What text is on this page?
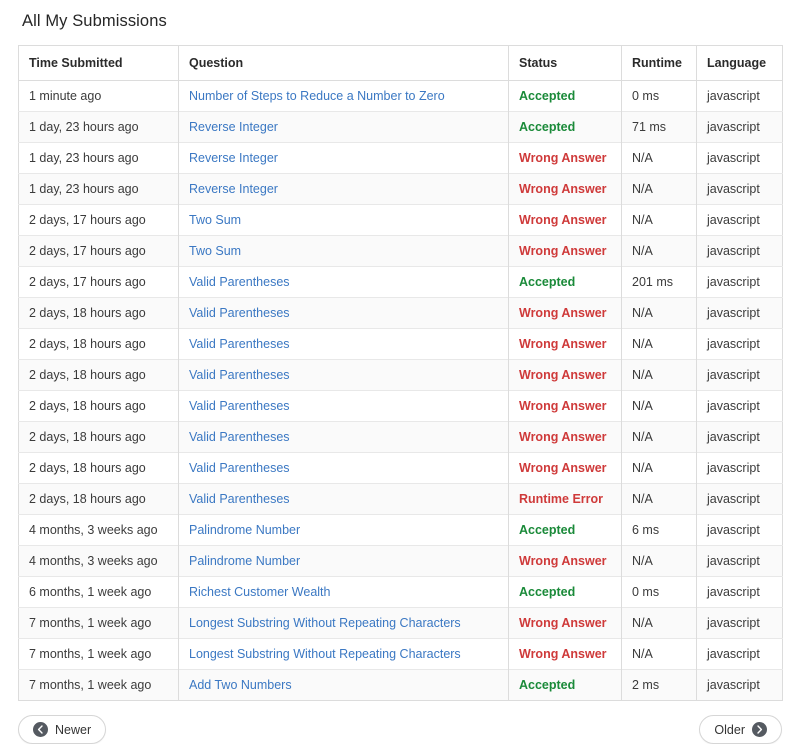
All My Submissions
Time Submitted	Question	Status	Runtime	Language
1 minute ago	Number of Steps to Reduce a Number to Zero	Accepted	0 ms	javascript
1 day, 23 hours ago	Reverse Integer	Accepted	71 ms	javascript
1 day, 23 hours ago	Reverse Integer	Wrong Answer	N/A	javascript
1 day, 23 hours ago	Reverse Integer	Wrong Answer	N/A	javascript
2 days, 17 hours ago	Two Sum	Wrong Answer	N/A	javascript
2 days, 17 hours ago	Two Sum	Wrong Answer	N/A	javascript
2 days, 17 hours ago	Valid Parentheses	Accepted	201 ms	javascript
2 days, 18 hours ago	Valid Parentheses	Wrong Answer	N/A	javascript
2 days, 18 hours ago	Valid Parentheses	Wrong Answer	N/A	javascript
2 days, 18 hours ago	Valid Parentheses	Wrong Answer	N/A	javascript
2 days, 18 hours ago	Valid Parentheses	Wrong Answer	N/A	javascript
2 days, 18 hours ago	Valid Parentheses	Wrong Answer	N/A	javascript
2 days, 18 hours ago	Valid Parentheses	Wrong Answer	N/A	javascript
2 days, 18 hours ago	Valid Parentheses	Runtime Error	N/A	javascript
4 months, 3 weeks ago	Palindrome Number	Accepted	6 ms	javascript
4 months, 3 weeks ago	Palindrome Number	Wrong Answer	N/A	javascript
6 months, 1 week ago	Richest Customer Wealth	Accepted	0 ms	javascript
7 months, 1 week ago	Longest Substring Without Repeating Characters	Wrong Answer	N/A	javascript
7 months, 1 week ago	Longest Substring Without Repeating Characters	Wrong Answer	N/A	javascript
7 months, 1 week ago	Add Two Numbers	Accepted	2 ms	javascript
Newer	Older
